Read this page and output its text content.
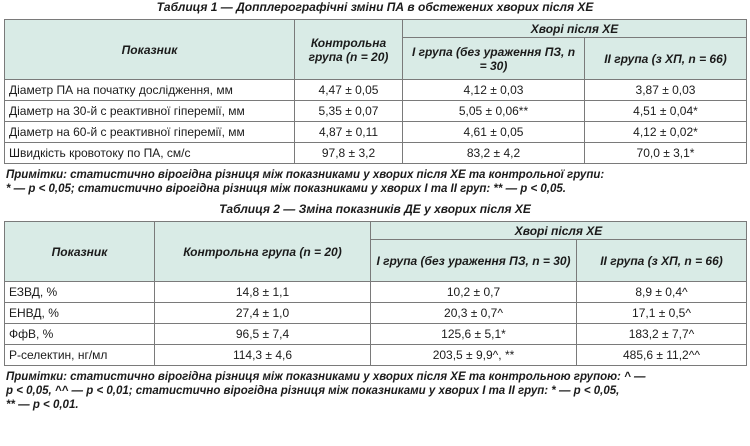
Таблиця 1 — Допплерографічні зміни ПА в обстежених хворих після ХЕ
Показник	Контрольна група (n = 20)	Хворі після ХЕ	
		І група (без ураження ПЗ, n = 30)	ІІ група (з ХП, n = 66)
Діаметр ПА на початку дослідження, мм	4,47 ± 0,05	4,12 ± 0,03	3,87 ± 0,03
Діаметр на 30-й с реактивної гіперемії, мм	5,35 ± 0,07	5,05 ± 0,06**	4,51 ± 0,04*
Діаметр на 60-й с реактивної гіперемії, мм	4,87 ± 0,11	4,61 ± 0,05	4,12 ± 0,02*
Швидкість кровотоку по ПА, см/с	97,8 ± 3,2	83,2 ± 4,2	70,0 ± 3,1*
Примітки: статистично вірогідна різниця між показниками у хворих після ХЕ та контрольної групи:
* — р < 0,05; статистично вірогідна різниця між показниками у хворих І та ІІ груп: ** — р < 0,05.
Таблиця 2 — Зміна показників ДЕ у хворих після ХЕ
Показник	Контрольна група (n = 20)	Хворі після ХЕ	
		І група (без ураження ПЗ, n = 30)	ІІ група (з ХП, n = 66)
ЕЗВД, %	14,8 ± 1,1	10,2 ± 0,7	8,9 ± 0,4^
ЕНВД, %	27,4 ± 1,0	20,3 ± 0,7^	17,1 ± 0,5^
ФфВ, %	96,5 ± 7,4	125,6 ± 5,1*	183,2 ± 7,7^
Р-селектин, нг/мл	114,3 ± 4,6	203,5 ± 9,9^, **	485,6 ± 11,2^^
Примітки: статистично вірогідна різниця між показниками у хворих після ХЕ та контрольною групою: ^ —
р < 0,05, ^^ — р < 0,01; статистично вірогідна різниця між показниками у хворих І та ІІ груп: * — р < 0,05,
** — р < 0,01.
